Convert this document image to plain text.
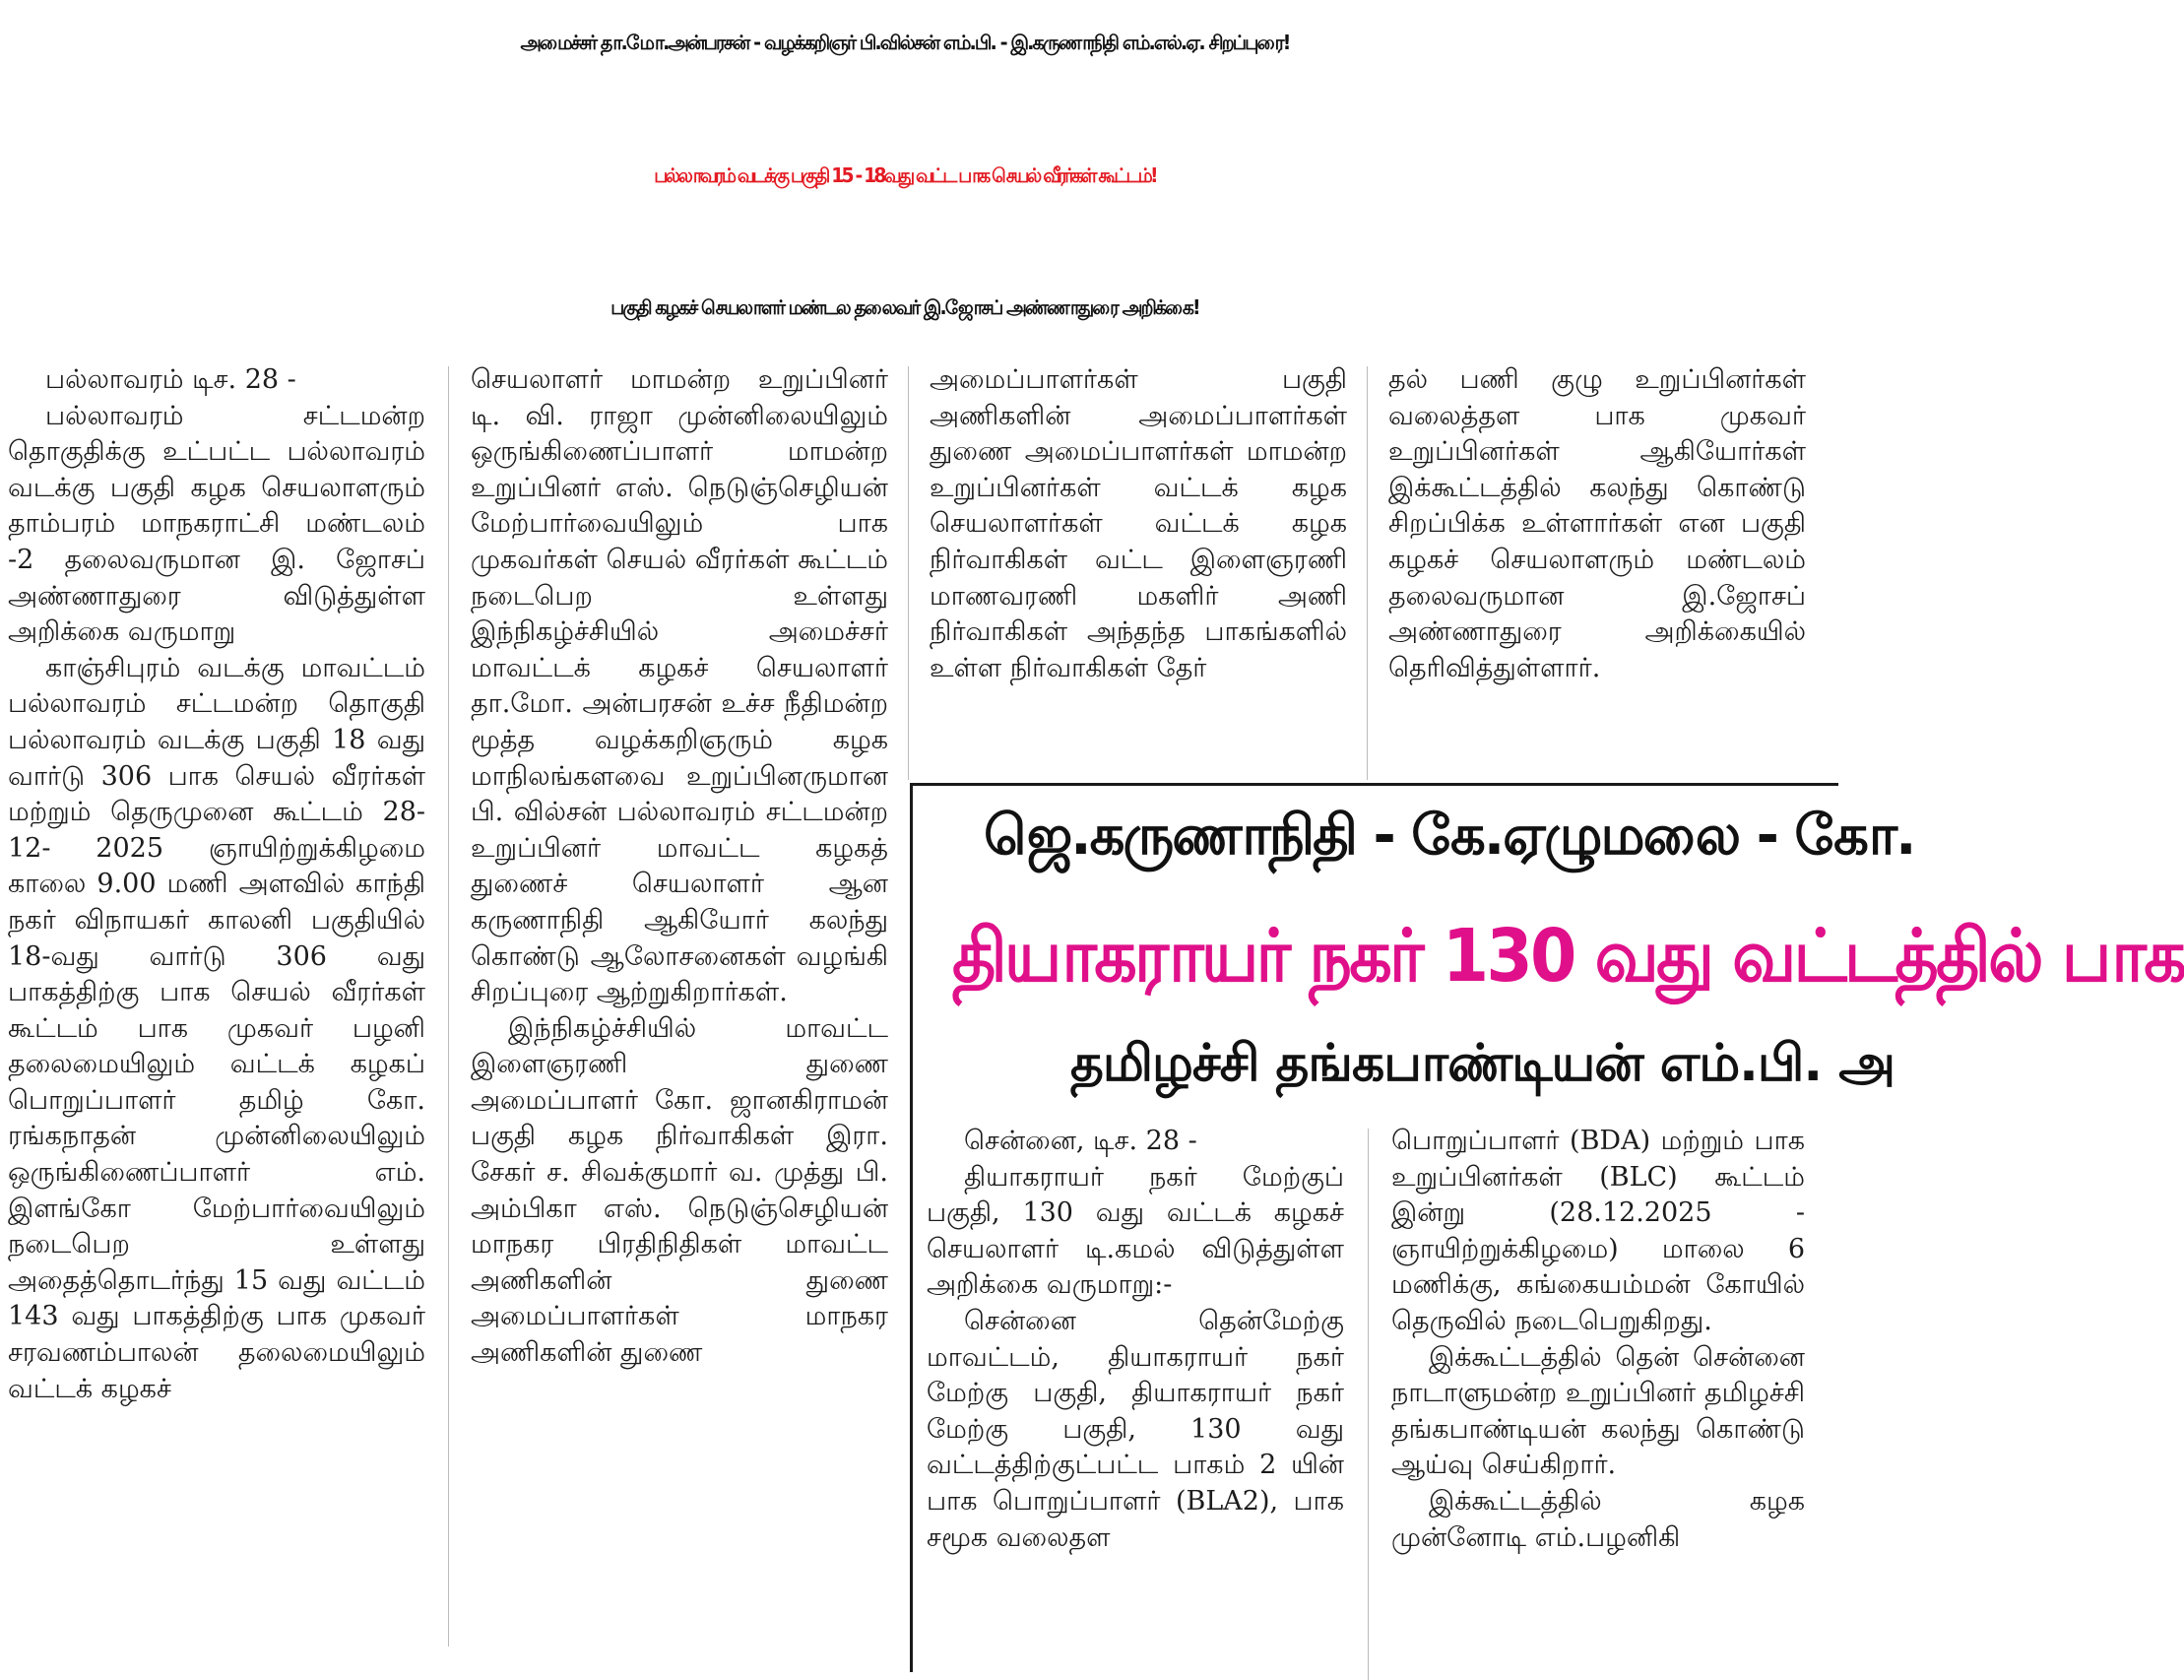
அமைச்சர் தா.மோ.அன்பரசன் - வழக்கறிஞர் பி.வில்சன் எம்.பி. - இ.கருணாநிதி எம்.எல்.ஏ. சிறப்புரை!
பல்லாவரம் வடக்கு பகுதி 15 - 18வது வட்ட பாக செயல் வீரர்கள் கூட்டம்!
பகுதி கழகச் செயலாளர் மண்டல தலைவர் இ.ஜோசப் அண்ணாதுரை அறிக்கை!

பல்லாவரம் டிச. 28 -

பல்லாவரம் சட்டமன்ற தொகுதிக்கு உட்பட்ட பல்லாவரம் வடக்கு பகுதி கழக செயலாளரும் தாம்பரம் மாநகராட்சி மண்டலம் -2 தலைவருமான இ. ஜோசப் அண்ணாதுரை விடுத்துள்ள அறிக்கை வருமாறு

காஞ்சிபுரம் வடக்கு மாவட்டம் பல்லாவரம் சட்டமன்ற தொகுதி பல்லாவரம் வடக்கு பகுதி 18 வது வார்டு 306 பாக செயல் வீரர்கள் மற்றும் தெருமுனை கூட்டம் 28-12- 2025 ஞாயிற்றுக்கிழமை காலை 9.00 மணி அளவில் காந்தி நகர் விநாயகர் காலனி பகுதியில் 18-வது வார்டு 306 வது பாகத்திற்கு பாக செயல் வீரர்கள் கூட்டம் பாக முகவர் பழனி தலைமையிலும் வட்டக் கழகப் பொறுப்பாளர் தமிழ் கோ. ரங்கநாதன் முன்னிலையிலும் ஒருங்கிணைப்பாளர் எம். இளங்கோ மேற்பார்வையிலும் நடைபெற உள்ளது அதைத்தொடர்ந்து 15 வது வட்டம் 143 வது பாகத்திற்கு பாக முகவர் சரவணம்பாலன் தலைமையிலும் வட்டக் கழகச்

செயலாளர் மாமன்ற உறுப்பினர் டி. வி. ராஜா முன்னிலையிலும் ஒருங்கிணைப்பாளர் மாமன்ற உறுப்பினர் எஸ். நெடுஞ்செழியன் மேற்பார்வையிலும் பாக முகவர்கள் செயல் வீரர்கள் கூட்டம் நடைபெற உள்ளது இந்நிகழ்ச்சியில் அமைச்சர் மாவட்டக் கழகச் செயலாளர் தா.மோ. அன்பரசன் உச்ச நீதிமன்ற மூத்த வழக்கறிஞரும் கழக மாநிலங்களவை உறுப்பினருமான பி. வில்சன் பல்லாவரம் சட்டமன்ற உறுப்பினர் மாவட்ட கழகத் துணைச் செயலாளர் ஆன கருணாநிதி ஆகியோர் கலந்து கொண்டு ஆலோசனைகள் வழங்கி சிறப்புரை ஆற்றுகிறார்கள்.

இந்நிகழ்ச்சியில் மாவட்ட இளைஞரணி துணை அமைப்பாளர் கோ. ஜானகிராமன் பகுதி கழக நிர்வாகிகள் இரா. சேகர் ச. சிவக்குமார் வ. முத்து பி. அம்பிகா எஸ். நெடுஞ்செழியன் மாநகர பிரதிநிதிகள் மாவட்ட அணிகளின் துணை அமைப்பாளர்கள் மாநகர அணிகளின் துணை

அமைப்பாளர்கள் பகுதி அணிகளின் அமைப்பாளர்கள் துணை அமைப்பாளர்கள் மாமன்ற உறுப்பினர்கள் வட்டக் கழக செயலாளர்கள் வட்டக் கழக நிர்வாகிகள் வட்ட இளைஞரணி மாணவரணி மகளிர் அணி நிர்வாகிகள் அந்தந்த பாகங்களில் உள்ள நிர்வாகிகள் தேர்

தல் பணி குழு உறுப்பினர்கள் வலைத்தள பாக முகவர் உறுப்பினர்கள் ஆகியோர்கள் இக்கூட்டத்தில் கலந்து கொண்டு சிறப்பிக்க உள்ளார்கள் என பகுதி கழகச் செயலாளரும் மண்டலம் தலைவருமான இ.ஜோசப் அண்ணாதுரை அறிக்கையில் தெரிவித்துள்ளார்.

ஜெ.கருணாநிதி - கே.ஏழுமலை - கோ.
தியாகராயர் நகர் 130 வது வட்டத்தில் பாக
தமிழச்சி தங்கபாண்டியன் எம்.பி. அ

சென்னை, டிச. 28 -

தியாகராயர் நகர் மேற்குப் பகுதி, 130 வது வட்டக் கழகச் செயலாளர் டி.கமல் விடுத்துள்ள அறிக்கை வருமாறு:-

சென்னை தென்மேற்கு மாவட்டம், தியாகராயர் நகர் மேற்கு பகுதி, தியாகராயர் நகர் மேற்கு பகுதி, 130 வது வட்டத்திற்குட்பட்ட பாகம் 2 யின் பாக பொறுப்பாளர் (BLA2), பாக சமூக வலைதள

பொறுப்பாளர் (BDA) மற்றும் பாக உறுப்பினர்கள் (BLC) கூட்டம் இன்று (28.12.2025 - ஞாயிற்றுக்கிழமை) மாலை 6 மணிக்கு, கங்கையம்மன் கோயில் தெருவில் நடைபெறுகிறது.

இக்கூட்டத்தில் தென் சென்னை நாடாளுமன்ற உறுப்பினர் தமிழச்சி தங்கபாண்டியன் கலந்து கொண்டு ஆய்வு செய்கிறார்.

இக்கூட்டத்தில் கழக முன்னோடி எம்.பழனிகி
